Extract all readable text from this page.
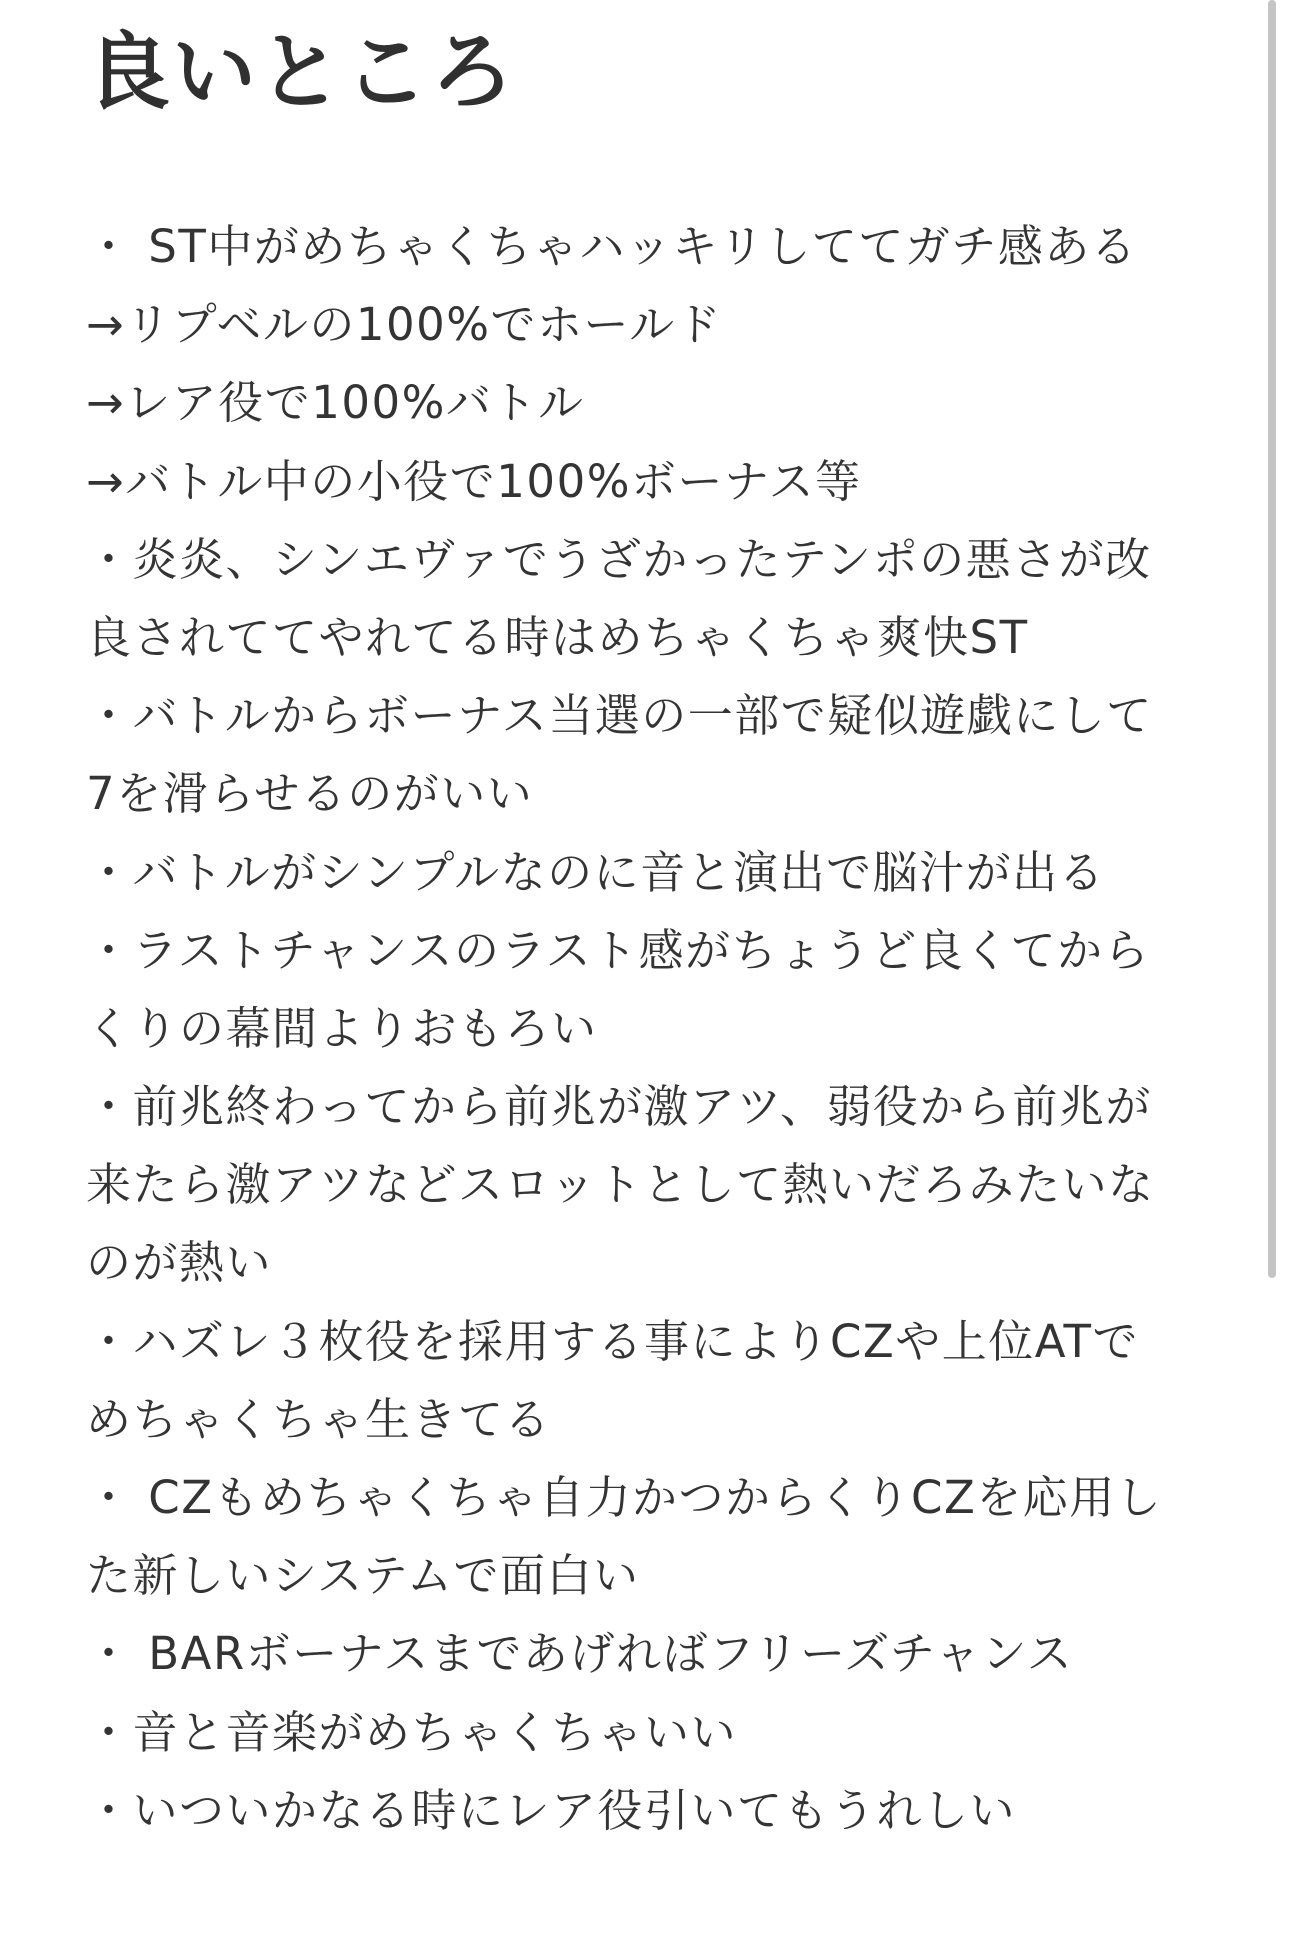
良いところ
・ ST中がめちゃくちゃハッキリしててガチ感ある
→リプベルの100%でホールド
→レア役で100%バトル
→バトル中の小役で100%ボーナス等
・炎炎、シンエヴァでうざかったテンポの悪さが改
良されててやれてる時はめちゃくちゃ爽快ST
・バトルからボーナス当選の一部で疑似遊戯にして
7を滑らせるのがいい
・バトルがシンプルなのに音と演出で脳汁が出る
・ラストチャンスのラスト感がちょうど良くてから
くりの幕間よりおもろい
・前兆終わってから前兆が激アツ、弱役から前兆が
来たら激アツなどスロットとして熱いだろみたいな
のが熱い
・ハズレ３枚役を採用する事によりCZや上位ATで
めちゃくちゃ生きてる
・ CZもめちゃくちゃ自力かつからくりCZを応用し
た新しいシステムで面白い
・ BARボーナスまであげればフリーズチャンス
・音と音楽がめちゃくちゃいい
・いついかなる時にレア役引いてもうれしい
